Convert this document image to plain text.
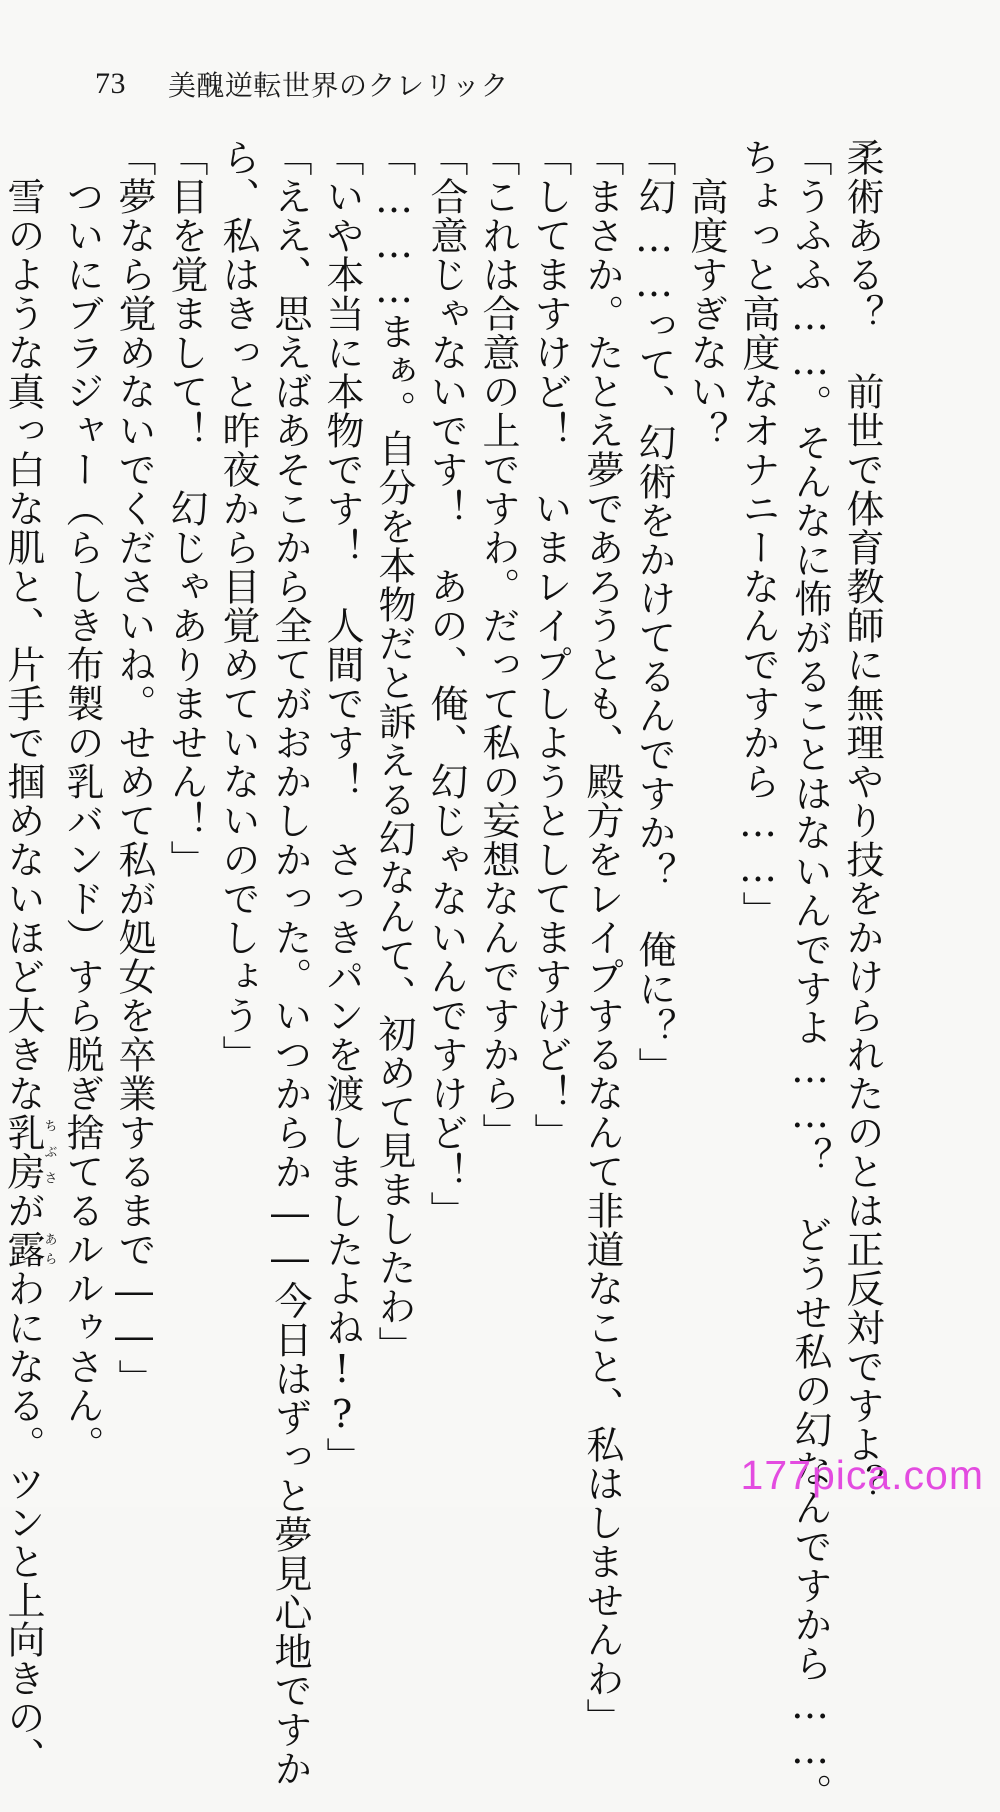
73 美醜逆転世界のクレリック

柔術ある？　前世で体育教師に無理やり技をかけられたのとは正反対ですよ？

「うふふ……。そんなに怖がることはないんですよ……？　どうせ私の幻なんですから……。

ちょっと高度なオナニーなんですから……」

　高度すぎない？

「幻……って、幻術をかけてるんですか？　俺に？」

「まさか。たとえ夢であろうとも、殿方をレイプするなんて非道なこと、私はしませんわ」

「してますけど！　いまレイプしようとしてますけど！」

「これは合意の上ですわ。だって私の妄想なんですから」

「合意じゃないです！　あの、俺、幻じゃないんですけど！」

「………まぁ。自分を本物だと訴える幻なんて、初めて見ましたわ」

「いや本当に本物です！　人間です！　さっきパンを渡しましたよね!?」

「ええ、思えばあそこから全てがおかしかった。いつからか――今日はずっと夢見心地ですか

ら、私はきっと昨夜から目覚めていないのでしょう」

「目を覚まして！　幻じゃありません！」

「夢なら覚めないでくださいね。せめて私が処女を卒業するまで――」

　ついにブラジャー（らしき布製の乳バンド）すら脱ぎ捨てるルルゥさん。

　雪のような真っ白な肌と、片手で掴めないほど大きな乳房ちぶさが露あらわになる。ツンと上向きの、	177pica.com
